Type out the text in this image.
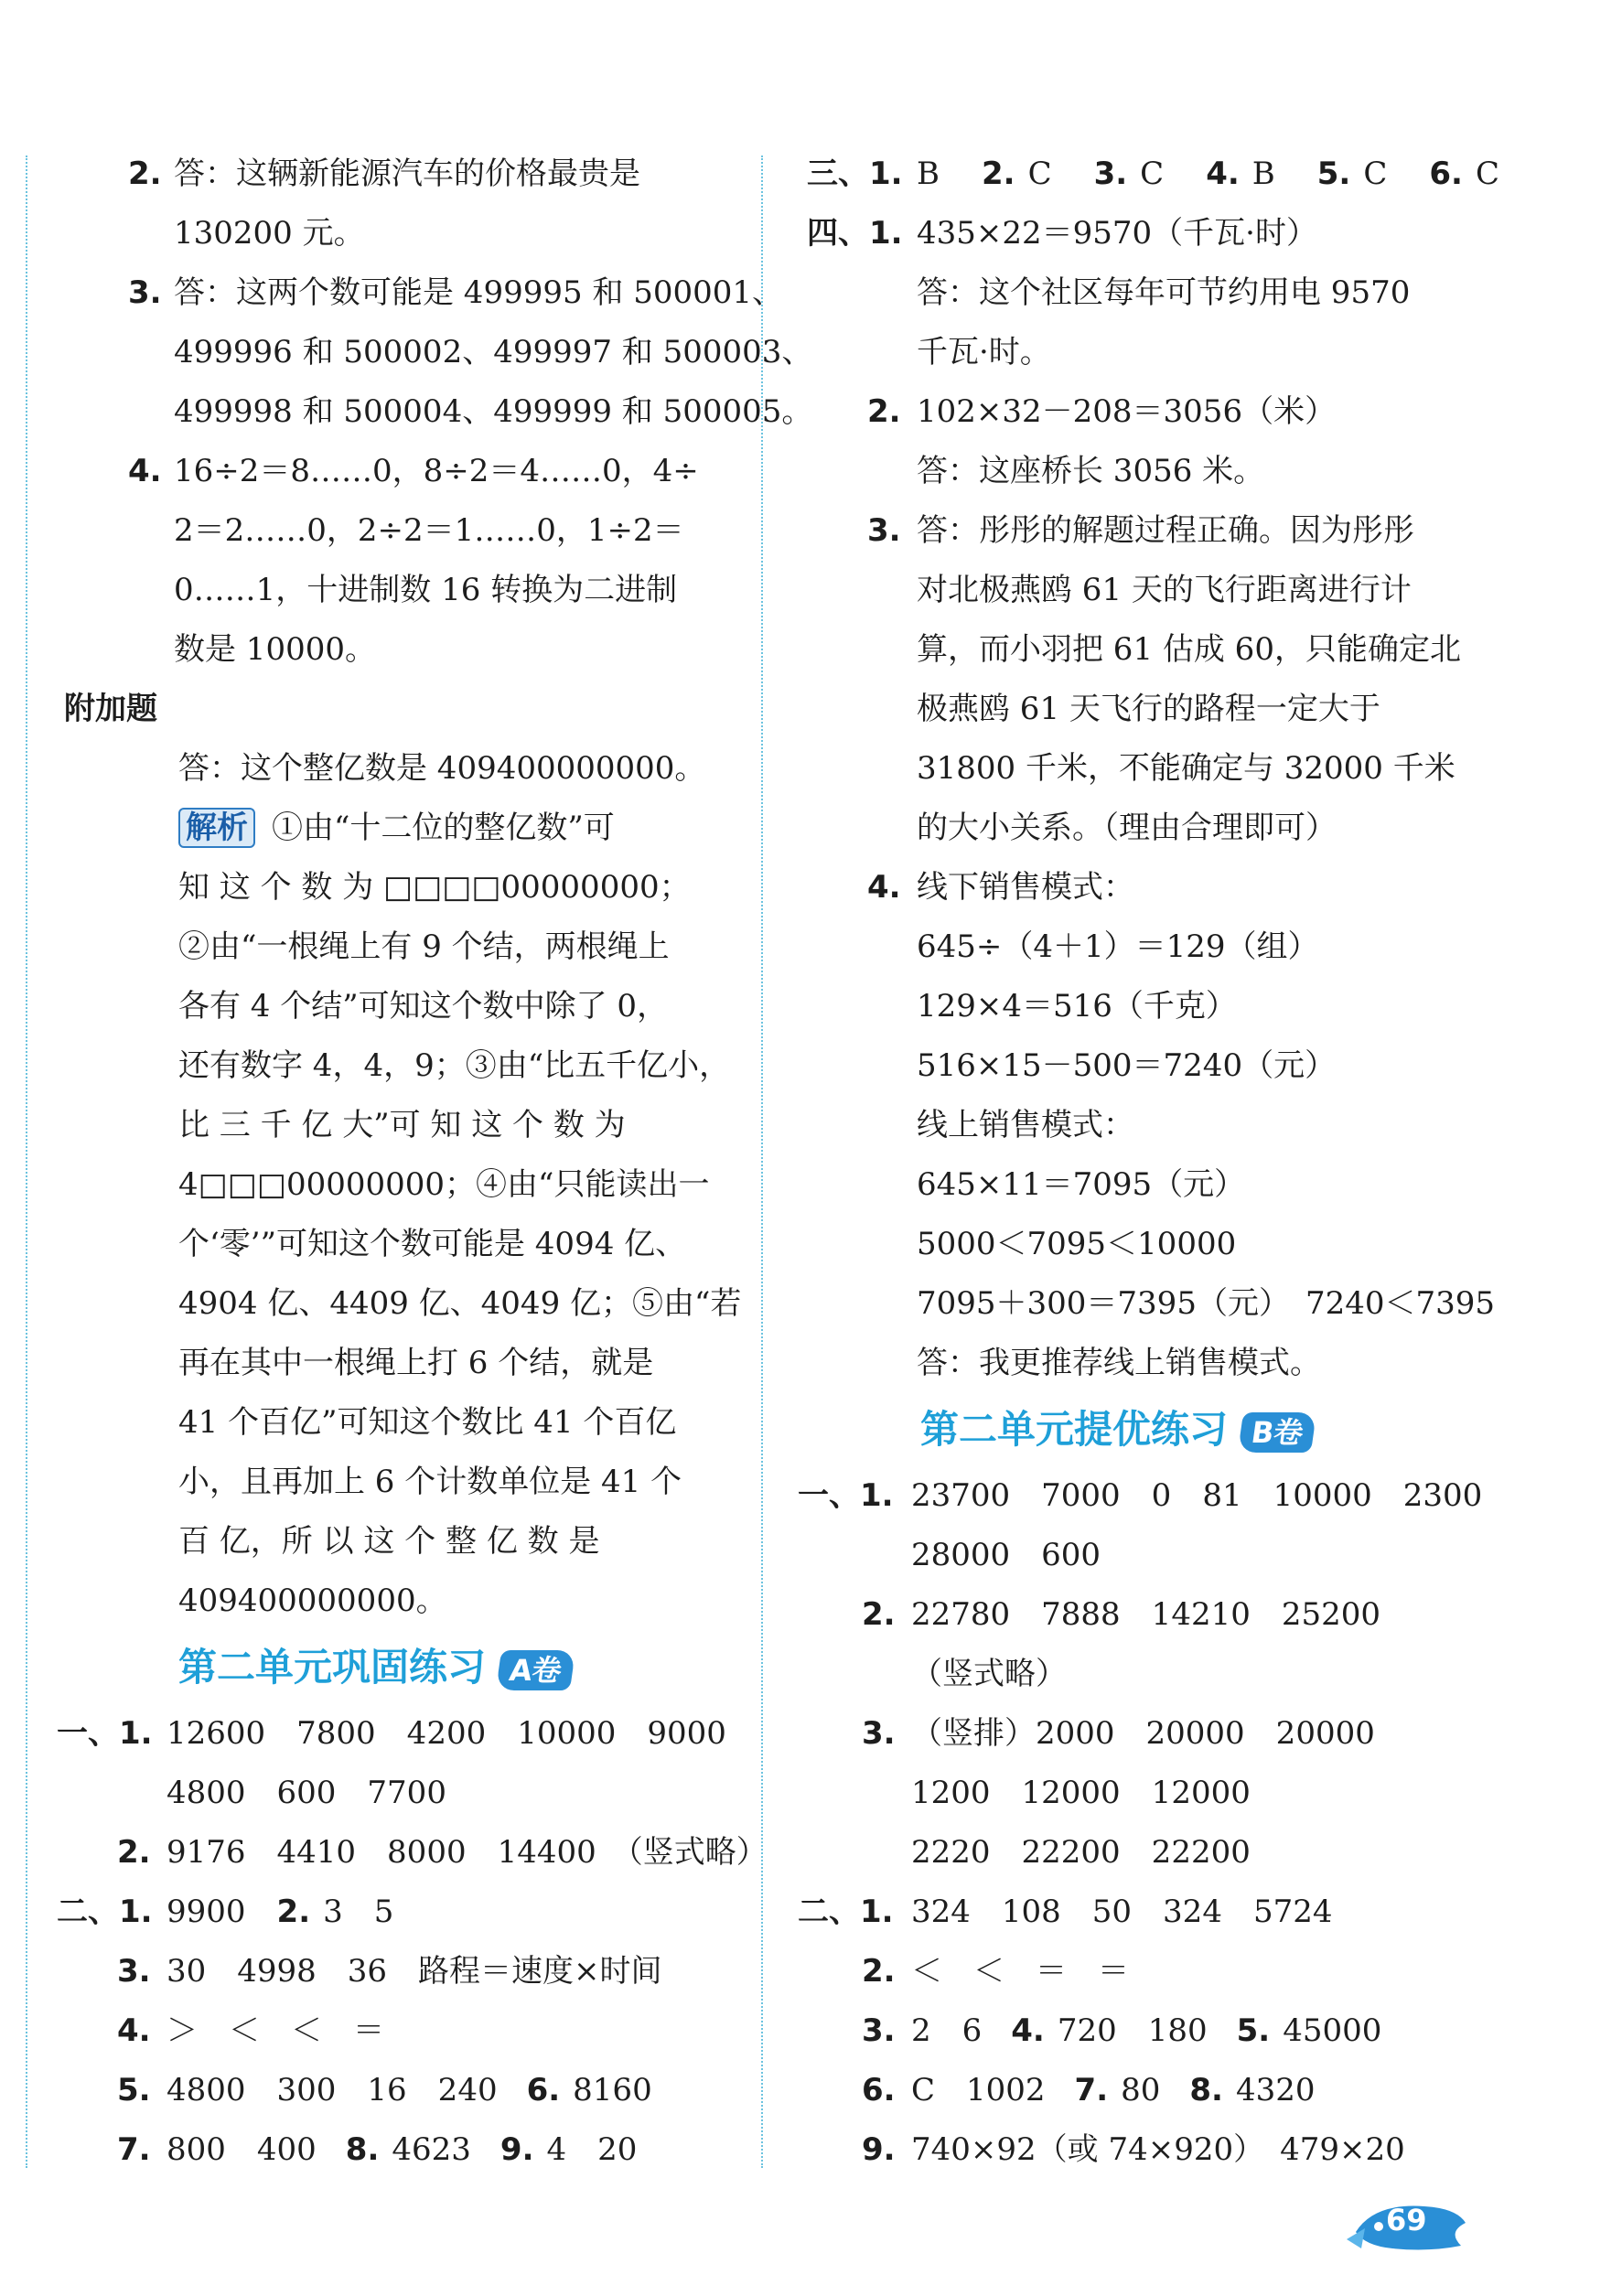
2. 答：这辆新能源汽车的价格最贵是
130200 元。
3. 答：这两个数可能是 499995 和 500001、
499996 和 500002、499997 和 500003、
499998 和 500004、499999 和 500005。
4. 16÷2＝8……0，8÷2＝4……0，4÷
2＝2……0，2÷2＝1……0，1÷2＝
0……1，十进制数 16 转换为二进制
数是 10000。
附加题
答：这个整亿数是 409400000000。
解析 ①由“十二位的整亿数”可
知 这 个 数 为 □□□□00000000；
②由“一根绳上有 9 个结，两根绳上
各有 4 个结”可知这个数中除了 0，
还有数字 4，4，9；③由“比五千亿小，
比 三 千 亿 大”可 知 这 个 数 为
4□□□00000000；④由“只能读出一
个‘零’”可知这个数可能是 4094 亿、
4904 亿、4409 亿、4049 亿；⑤由“若
再在其中一根绳上打 6 个结，就是
41 个百亿”可知这个数比 41 个百亿
小，且再加上 6 个计数单位是 41 个
百 亿，所 以 这 个 整 亿 数 是
409400000000。
第二单元巩固练习 A卷
一、1. 12600　7800　4200　10000　9000
4800　600　7700
2. 9176　4410　8000　14400　（竖式略）
二、1. 9900 2. 3　5
3. 30　4998　36　路程＝速度×时间
4. ＞　＜　＜　＝
5. 4800　300　16　240 6. 8160
7. 800　400 8. 4623 9. 4　20
三、1. B 2. C 3. C 4. B 5. C 6. C
四、1. 435×22＝9570（千瓦·时）
答：这个社区每年可节约用电 9570
千瓦·时。
2. 102×32－208＝3056（米）
答：这座桥长 3056 米。
3. 答：彤彤的解题过程正确。因为彤彤
对北极燕鸥 61 天的飞行距离进行计
算，而小羽把 61 估成 60，只能确定北
极燕鸥 61 天飞行的路程一定大于
31800 千米，不能确定与 32000 千米
的大小关系。（理由合理即可）
4. 线下销售模式：
645÷（4＋1）＝129（组）
129×4＝516（千克）
516×15－500＝7240（元）
线上销售模式：
645×11＝7095（元）
5000＜7095＜10000
7095＋300＝7395（元）　7240＜7395
答：我更推荐线上销售模式。
第二单元提优练习 B卷
一、1. 23700　7000　0　81　10000　2300
28000　600
2. 22780　7888　14210　25200
（竖式略）
3. （竖排）2000　20000　20000
1200　12000　12000
2220　22200　22200
二、1. 324　108　50　324　5724
2. ＜　＜　＝　＝
3. 2　6 4. 720　180 5. 45000
6. C　1002 7. 80 8. 4320
9. 740×92（或 74×920）　479×20
69
